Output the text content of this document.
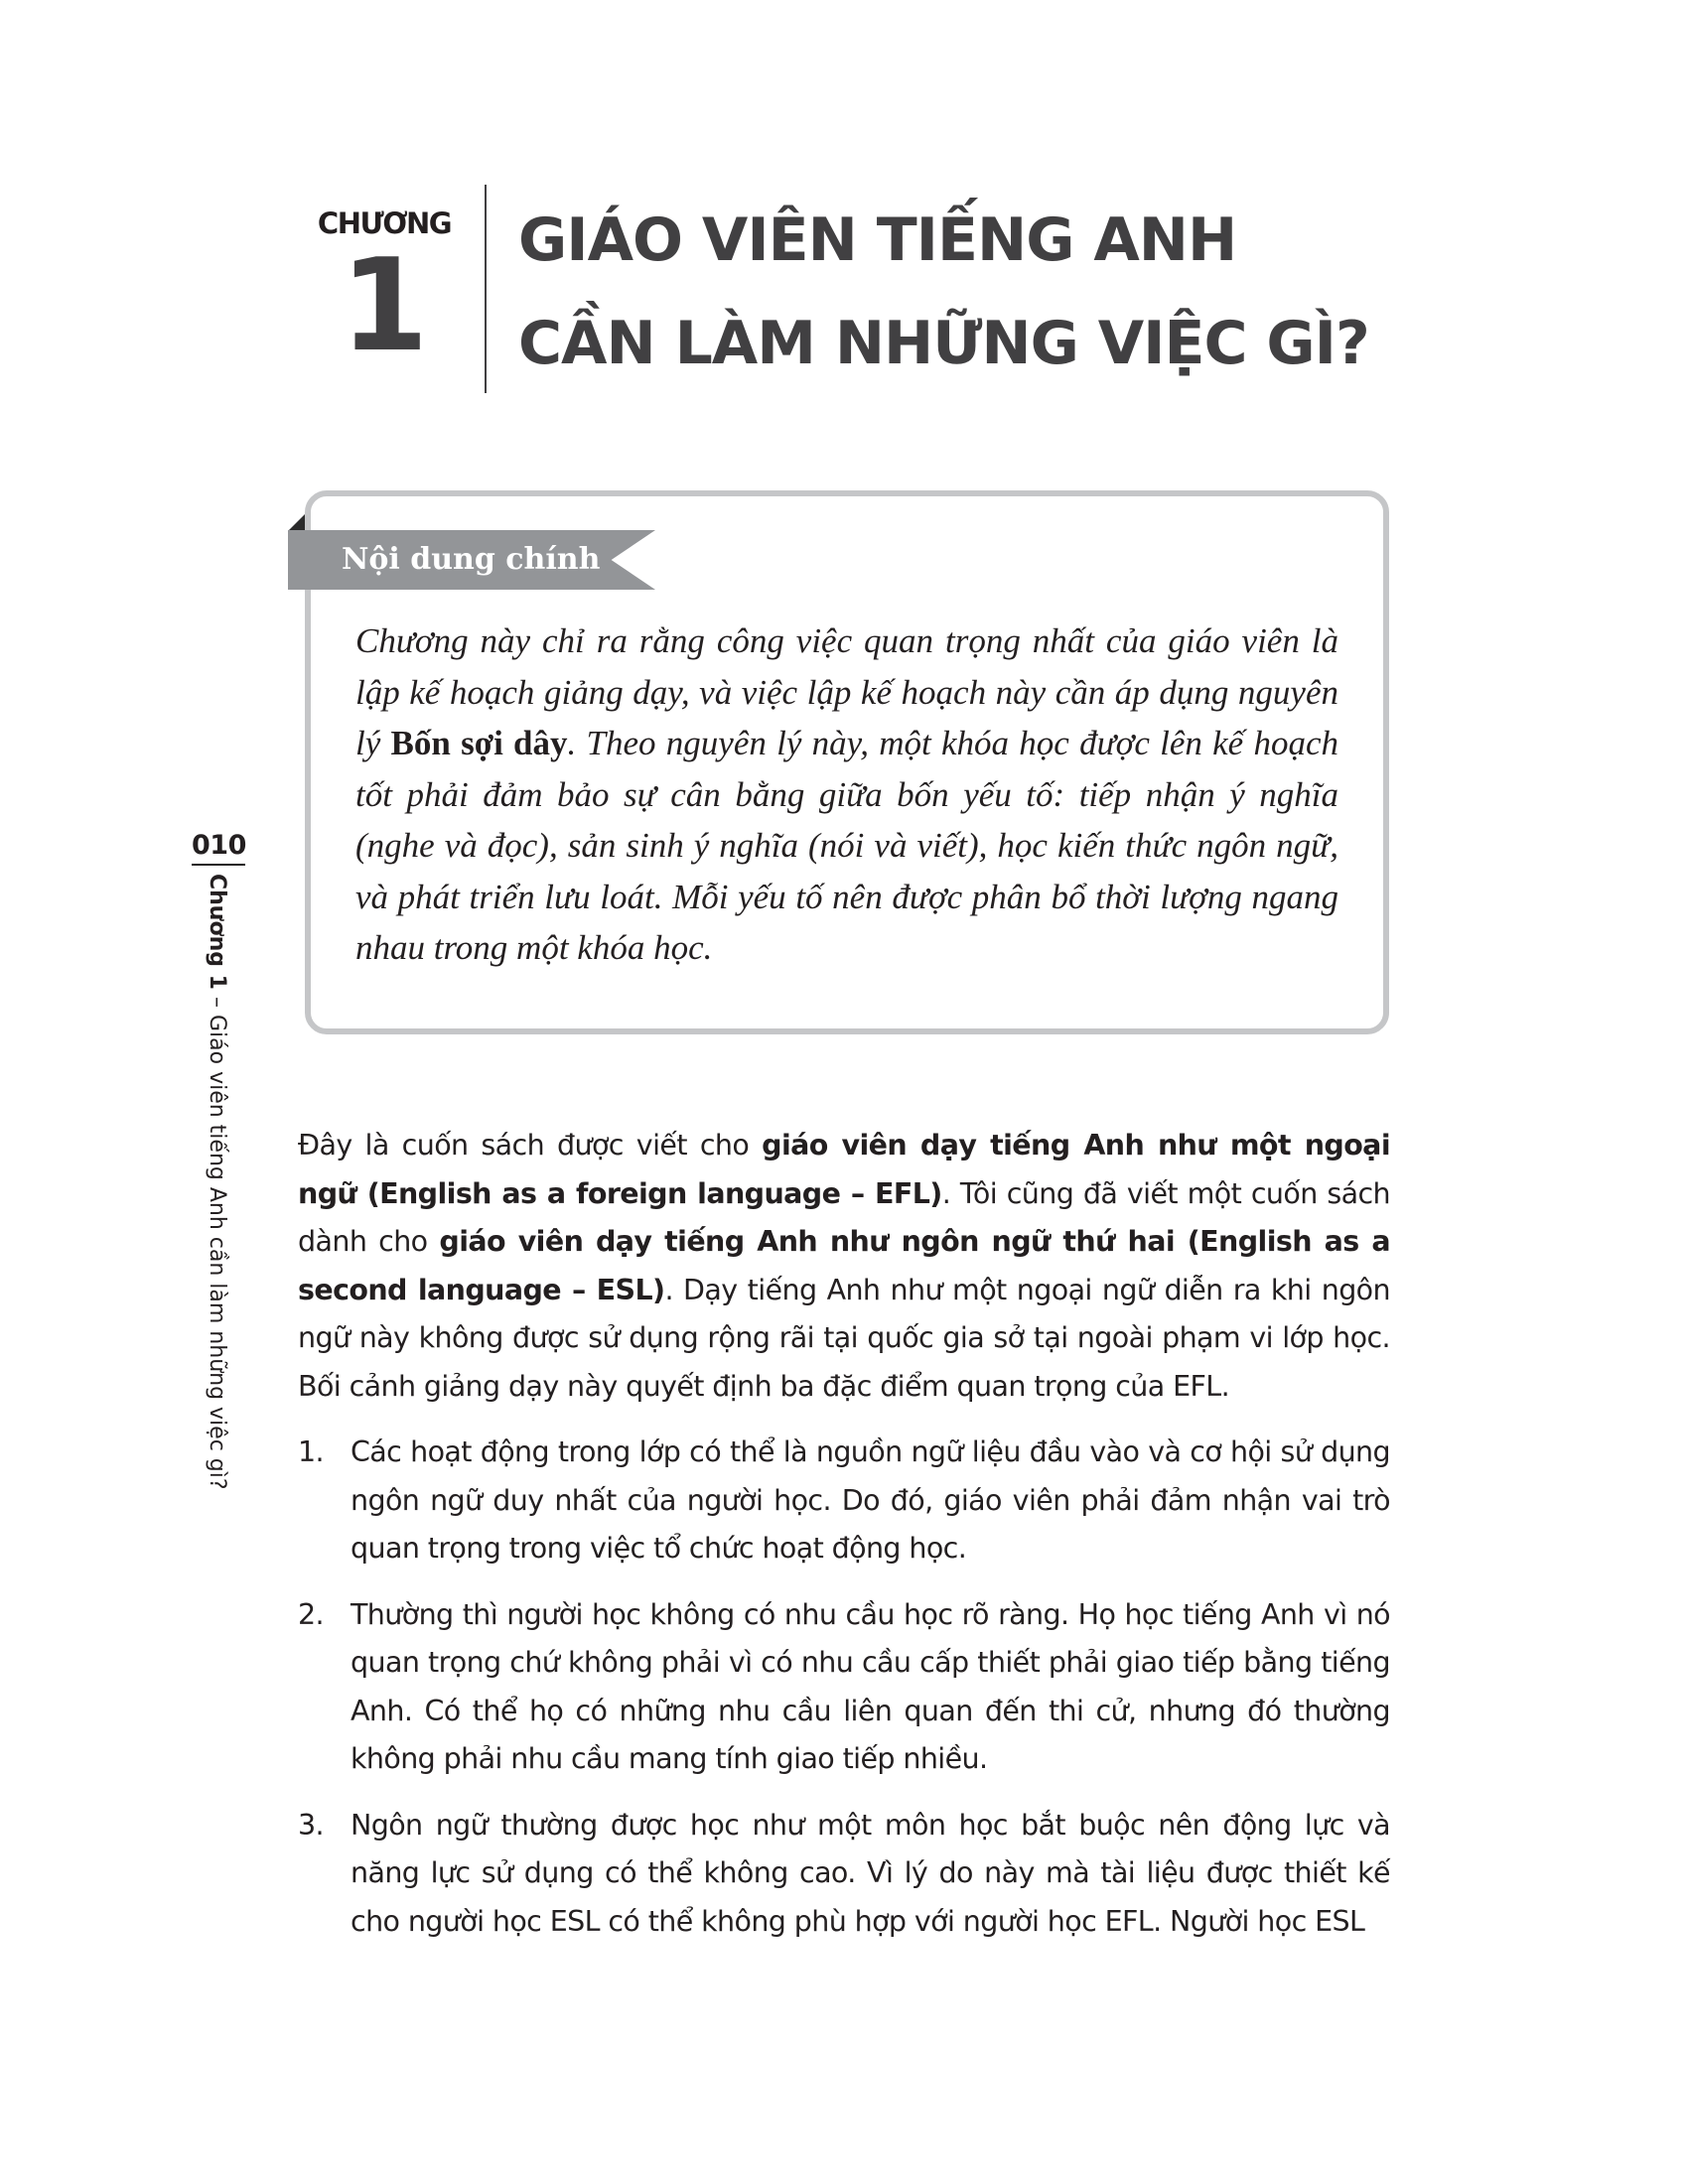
CHƯƠNG
1	GIÁO VIÊN TIẾNG ANH
CẦN LÀM NHỮNG VIỆC GÌ?
010
Chương 1 – Giáo viên tiếng Anh cần làm những việc gì?
Nội dung chính
Chương này chỉ ra rằng công việc quan trọng nhất của giáo viên là lập kế hoạch giảng dạy, và việc lập kế hoạch này cần áp dụng nguyên lý Bốn sợi dây. Theo nguyên lý này, một khóa học được lên kế hoạch tốt phải đảm bảo sự cân bằng giữa bốn yếu tố: tiếp nhận ý nghĩa (nghe và đọc), sản sinh ý nghĩa (nói và viết), học kiến thức ngôn ngữ, và phát triển lưu loát. Mỗi yếu tố nên được phân bổ thời lượng ngang nhau trong một khóa học.

Đây là cuốn sách được viết cho giáo viên dạy tiếng Anh như một ngoại ngữ (English as a foreign language – EFL). Tôi cũng đã viết một cuốn sách dành cho giáo viên dạy tiếng Anh như ngôn ngữ thứ hai (English as a second language – ESL). Dạy tiếng Anh như một ngoại ngữ diễn ra khi ngôn ngữ này không được sử dụng rộng rãi tại quốc gia sở tại ngoài phạm vi lớp học. Bối cảnh giảng dạy này quyết định ba đặc điểm quan trọng của EFL.

1. Các hoạt động trong lớp có thể là nguồn ngữ liệu đầu vào và cơ hội sử dụng ngôn ngữ duy nhất của người học. Do đó, giáo viên phải đảm nhận vai trò quan trọng trong việc tổ chức hoạt động học.
2. Thường thì người học không có nhu cầu học rõ ràng. Họ học tiếng Anh vì nó quan trọng chứ không phải vì có nhu cầu cấp thiết phải giao tiếp bằng tiếng Anh. Có thể họ có những nhu cầu liên quan đến thi cử, nhưng đó thường không phải nhu cầu mang tính giao tiếp nhiều.
3. Ngôn ngữ thường được học như một môn học bắt buộc nên động lực và năng lực sử dụng có thể không cao. Vì lý do này mà tài liệu được thiết kế cho người học ESL có thể không phù hợp với người học EFL. Người học ESL
